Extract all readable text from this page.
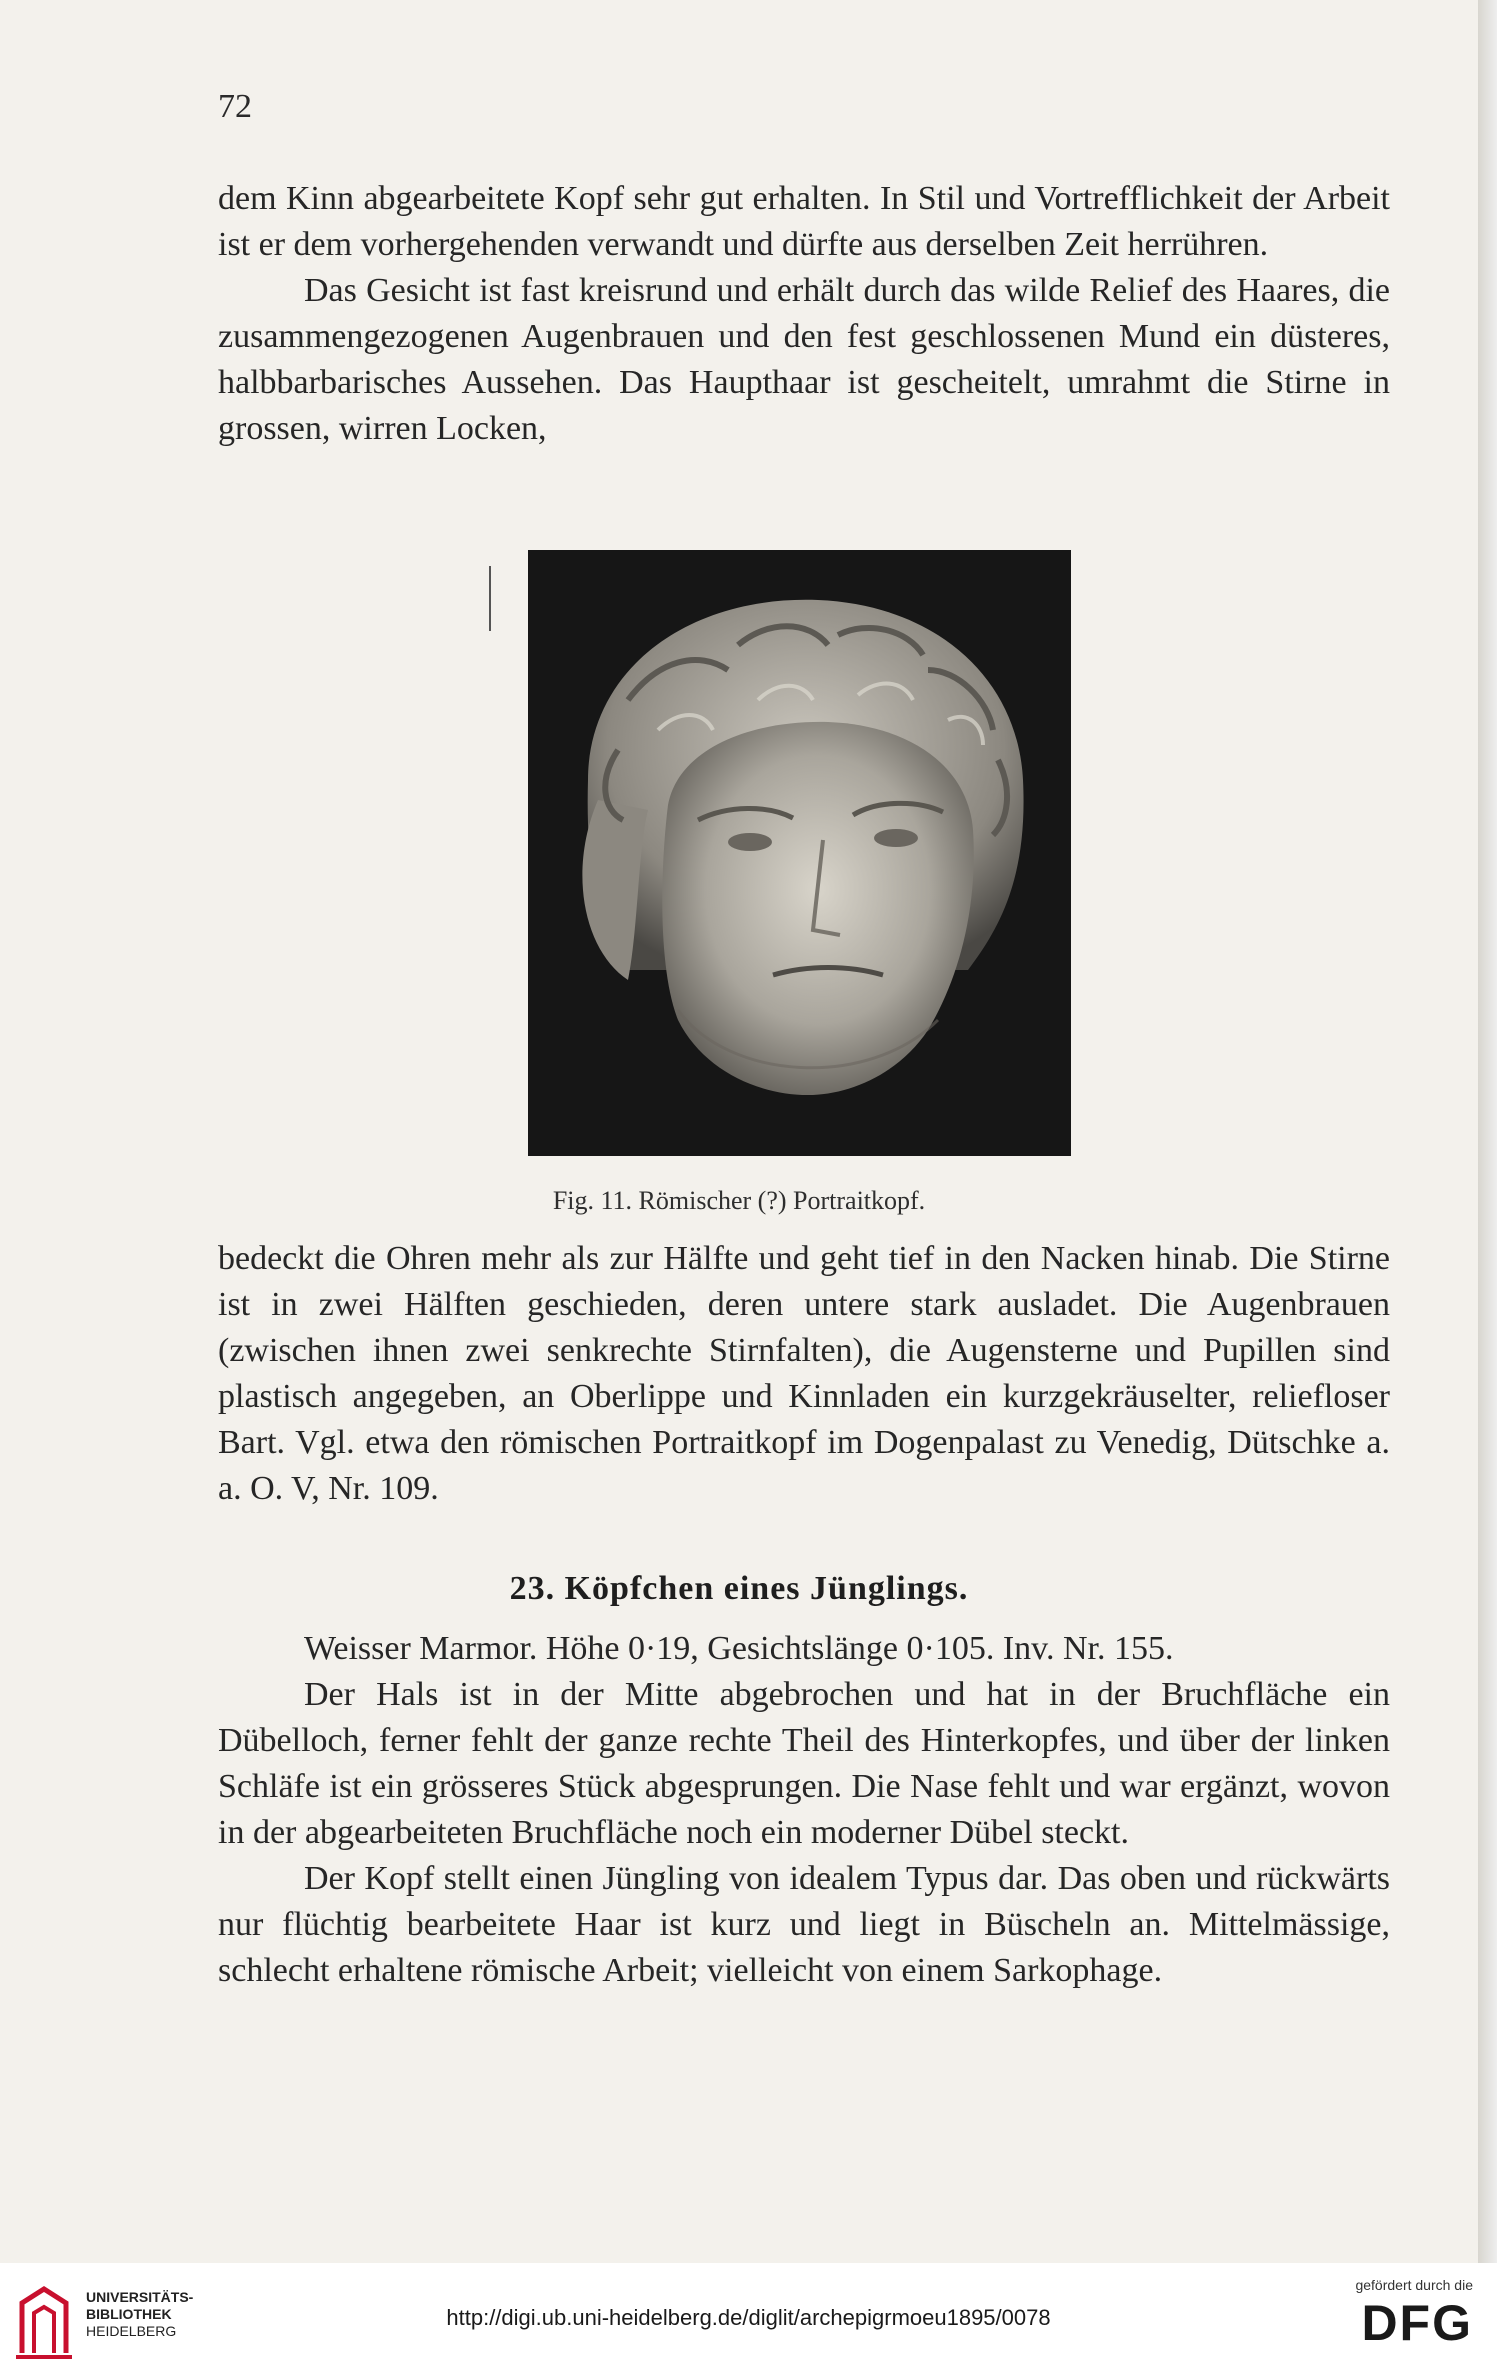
72

dem Kinn abgearbeitete Kopf sehr gut erhalten. In Stil und Vortrefflichkeit der Arbeit ist er dem vorhergehenden verwandt und dürfte aus derselben Zeit herrühren.

Das Gesicht ist fast kreisrund und erhält durch das wilde Relief des Haares, die zusammengezogenen Augenbrauen und den fest geschlossenen Mund ein düsteres, halbbarbarisches Aussehen. Das Haupthaar ist gescheitelt, umrahmt die Stirne in grossen, wirren Locken,

Fig. 11. Römischer (?) Portraitkopf.

bedeckt die Ohren mehr als zur Hälfte und geht tief in den Nacken hinab. Die Stirne ist in zwei Hälften geschieden, deren untere stark ausladet. Die Augenbrauen (zwischen ihnen zwei senkrechte Stirnfalten), die Augensterne und Pupillen sind plastisch angegeben, an Oberlippe und Kinnladen ein kurzgekräuselter, reliefloser Bart. Vgl. etwa den römischen Portraitkopf im Dogenpalast zu Venedig, Dütschke a. a. O. V, Nr. 109.

23. Köpfchen eines Jünglings.

Weisser Marmor. Höhe 0·19, Gesichtslänge 0·105. Inv. Nr. 155.

Der Hals ist in der Mitte abgebrochen und hat in der Bruchfläche ein Dübelloch, ferner fehlt der ganze rechte Theil des Hinterkopfes, und über der linken Schläfe ist ein grösseres Stück abgesprungen. Die Nase fehlt und war ergänzt, wovon in der abgearbeiteten Bruchfläche noch ein moderner Dübel steckt.

Der Kopf stellt einen Jüngling von idealem Typus dar. Das oben und rückwärts nur flüchtig bearbeitete Haar ist kurz und liegt in Büscheln an. Mittelmässige, schlecht erhaltene römische Arbeit; vielleicht von einem Sarkophage.

UNIVERSITÄTS-
BIBLIOTHEK
HEIDELBERG

http://digi.ub.uni-heidelberg.de/diglit/archepigrmoeu1895/0078

gefördert durch die

DFG
